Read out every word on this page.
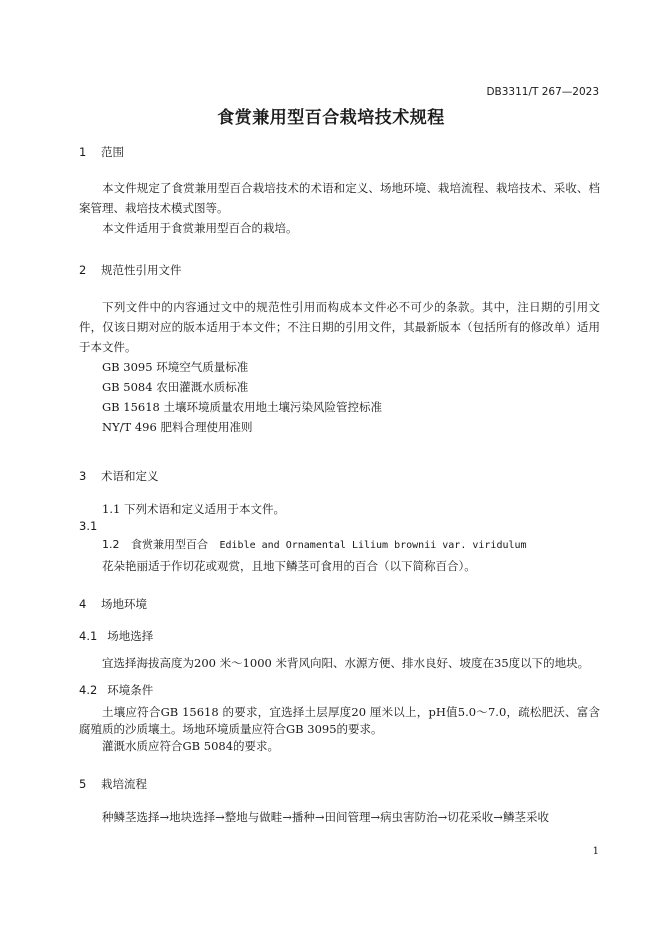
DB3311/T 267—2023
食赏兼用型百合栽培技术规程
1 范围

本文件规定了食赏兼用型百合栽培技术的术语和定义、场地环境、栽培流程、栽培技术、采收、档案管理、栽培技术模式图等。

本文件适用于食赏兼用型百合的栽培。

2 规范性引用文件

下列文件中的内容通过文中的规范性引用而构成本文件必不可少的条款。其中，注日期的引用文件，仅该日期对应的版本适用于本文件；不注日期的引用文件，其最新版本（包括所有的修改单）适用于本文件。

GB 3095 环境空气质量标准

GB 5084 农田灌溉水质标准

GB 15618 土壤环境质量农用地土壤污染风险管控标准

NY/T 496 肥料合理使用准则

3 术语和定义
1.1 下列术语和定义适用于本文件。
3.1
1.2 食赏兼用型百合 Edible and Ornamental Lilium brownii var. viridulum
花朵艳丽适于作切花或观赏，且地下鳞茎可食用的百合（以下简称百合）。
4 场地环境
4.1 场地选择
宜选择海拔高度为200 米～1000 米背风向阳、水源方便、排水良好、坡度在35度以下的地块。
4.2 环境条件

土壤应符合GB 15618 的要求，宜选择土层厚度20 厘米以上，pH值5.0～7.0，疏松肥沃、富含腐殖质的沙质壤土。场地环境质量应符合GB 3095的要求。

灌溉水质应符合GB 5084的要求。

5 栽培流程
种鳞茎选择→地块选择→整地与做畦→播种→田间管理→病虫害防治→切花采收→鳞茎采收
1
